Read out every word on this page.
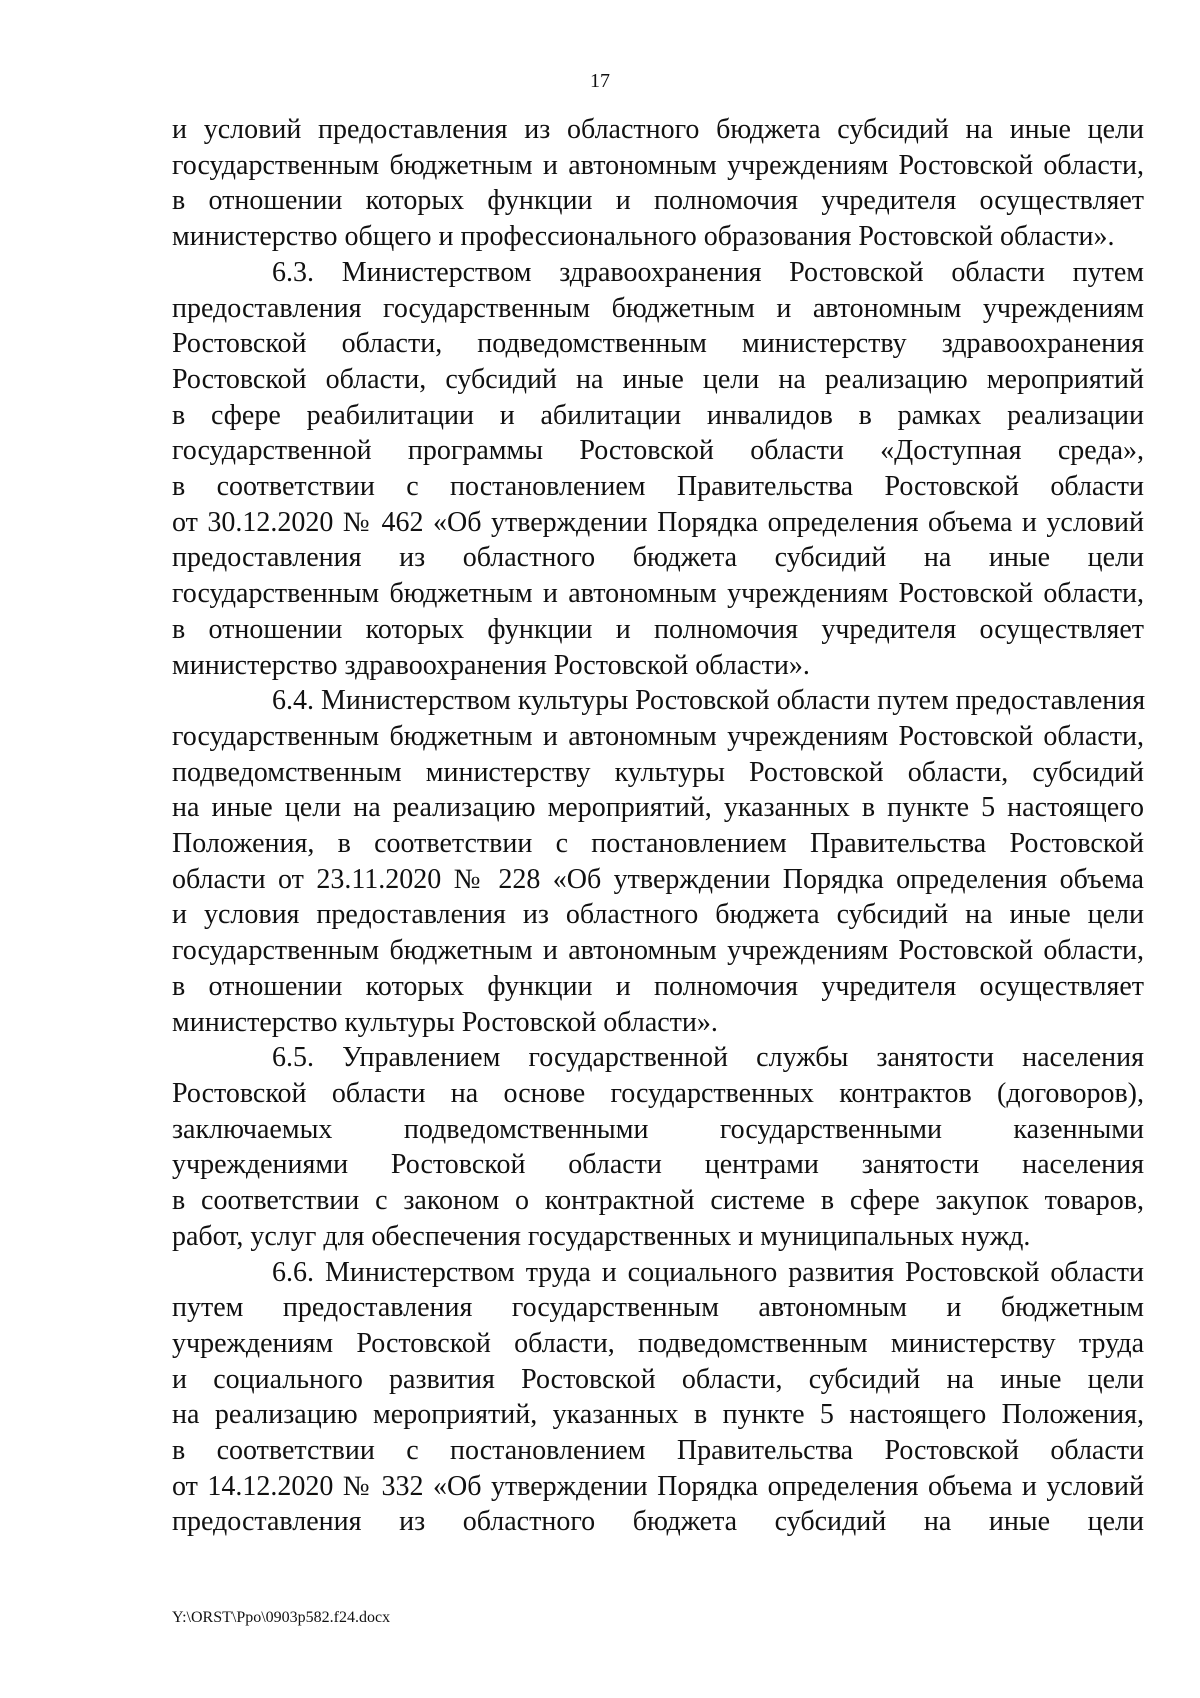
17
и условий предоставления из областного бюджета субсидий на иные цели
государственным бюджетным и автономным учреждениям Ростовской области,
в отношении которых функции и полномочия учредителя осуществляет
министерство общего и профессионального образования Ростовской области».
6.3. Министерством здравоохранения Ростовской области путем
предоставления государственным бюджетным и автономным учреждениям
Ростовской области, подведомственным министерству здравоохранения
Ростовской области, субсидий на иные цели на реализацию мероприятий
в сфере реабилитации и абилитации инвалидов в рамках реализации
государственной программы Ростовской области «Доступная среда»,
в соответствии с постановлением Правительства Ростовской области
от 30.12.2020 № 462 «Об утверждении Порядка определения объема и условий
предоставления из областного бюджета субсидий на иные цели
государственным бюджетным и автономным учреждениям Ростовской области,
в отношении которых функции и полномочия учредителя осуществляет
министерство здравоохранения Ростовской области».
6.4. Министерством культуры Ростовской области путем предоставления
государственным бюджетным и автономным учреждениям Ростовской области,
подведомственным министерству культуры Ростовской области, субсидий
на иные цели на реализацию мероприятий, указанных в пункте 5 настоящего
Положения, в соответствии с постановлением Правительства Ростовской
области от 23.11.2020 № 228 «Об утверждении Порядка определения объема
и условия предоставления из областного бюджета субсидий на иные цели
государственным бюджетным и автономным учреждениям Ростовской области,
в отношении которых функции и полномочия учредителя осуществляет
министерство культуры Ростовской области».
6.5. Управлением государственной службы занятости населения
Ростовской области на основе государственных контрактов (договоров),
заключаемых подведомственными государственными казенными
учреждениями Ростовской области центрами занятости населения
в соответствии с законом о контрактной системе в сфере закупок товаров,
работ, услуг для обеспечения государственных и муниципальных нужд.
6.6. Министерством труда и социального развития Ростовской области
путем предоставления государственным автономным и бюджетным
учреждениям Ростовской области, подведомственным министерству труда
и социального развития Ростовской области, субсидий на иные цели
на реализацию мероприятий, указанных в пункте 5 настоящего Положения,
в соответствии с постановлением Правительства Ростовской области
от 14.12.2020 № 332 «Об утверждении Порядка определения объема и условий
предоставления из областного бюджета субсидий на иные цели
Y:\ORST\Ppo\0903p582.f24.docx
